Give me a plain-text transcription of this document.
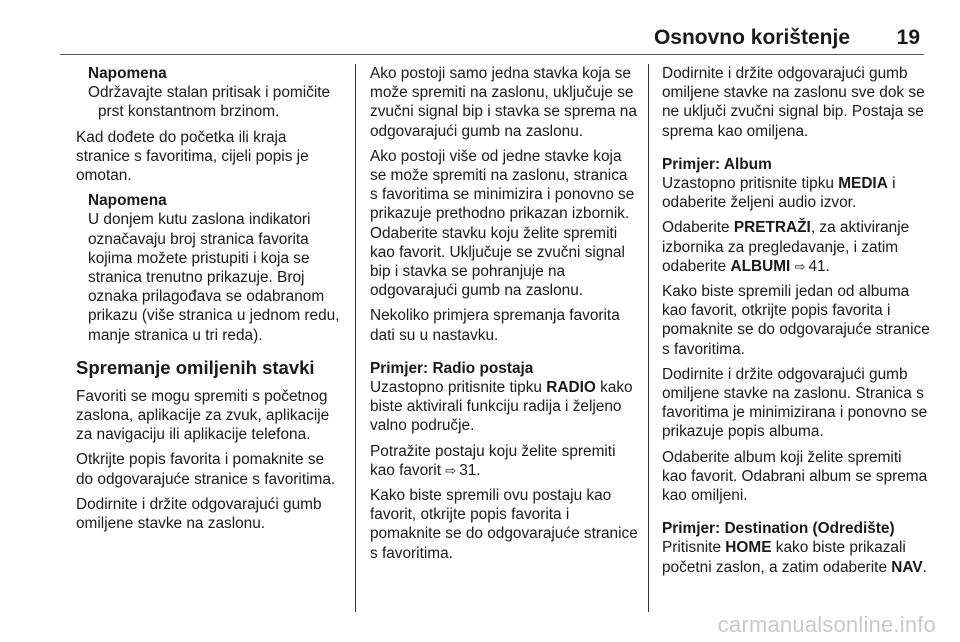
Osnovno korištenje 19
Napomena
Održavajte stalan pritisak i pomičite
prst konstantnom brzinom.

Kad dođete do početka ili kraja stranice s favoritima, cijeli popis je omotan.

Napomena
U donjem kutu zaslona indikatori označavaju broj stranica favorita kojima možete pristupiti i koja se stranica trenutno prikazuje. Broj
oznaka prilagođava se odabranom prikazu (više stranica u jednom redu, manje stranica u tri reda).
Spremanje omiljenih stavki

Favoriti se mogu spremiti s početnog zaslona, aplikacije za zvuk, aplikacije za navigaciju ili aplikacije telefona.

Otkrijte popis favorita i pomaknite se do odgovarajuće stranice s favoritima.

Dodirnite i držite odgovarajući gumb omiljene stavke na zaslonu.

Ako postoji samo jedna stavka koja se može spremiti na zaslonu, uključuje se zvučni signal bip i stavka se sprema na odgovarajući gumb na zaslonu.

Ako postoji više od jedne stavke koja se može spremiti na zaslonu, stranica s favoritima se minimizira i ponovno se prikazuje prethodno prikazan izbornik. Odaberite stavku koju želite spremiti kao favorit. Uključuje se zvučni signal bip i stavka se pohranjuje na odgovarajući gumb na zaslonu.

Nekoliko primjera spremanja favorita dati su u nastavku.

Primjer: Radio postaja

Uzastopno pritisnite tipku RADIO kako biste aktivirali funkciju radija i željeno valno područje.

Potražite postaju koju želite spremiti kao favorit ⇨ 31.

Kako biste spremili ovu postaju kao favorit, otkrijte popis favorita i pomaknite se do odgovarajuće stranice s favoritima.

Dodirnite i držite odgovarajući gumb omiljene stavke na zaslonu sve dok se ne uključi zvučni signal bip. Postaja se sprema kao omiljena.

Primjer: Album

Uzastopno pritisnite tipku MEDIA i odaberite željeni audio izvor.

Odaberite PRETRAŽI, za aktiviranje izbornika za pregledavanje, i zatim odaberite ALBUMI ⇨ 41.

Kako biste spremili jedan od albuma kao favorit, otkrijte popis favorita i pomaknite se do odgovarajuće stranice s favoritima.

Dodirnite i držite odgovarajući gumb omiljene stavke na zaslonu. Stranica s favoritima je minimizirana i ponovno se prikazuje popis albuma.

Odaberite album koji želite spremiti kao favorit. Odabrani album se sprema kao omiljeni.

Primjer: Destination (Odredište)

Pritisnite HOME kako biste prikazali početni zaslon, a zatim odaberite NAV.

carmanualsonline.info
